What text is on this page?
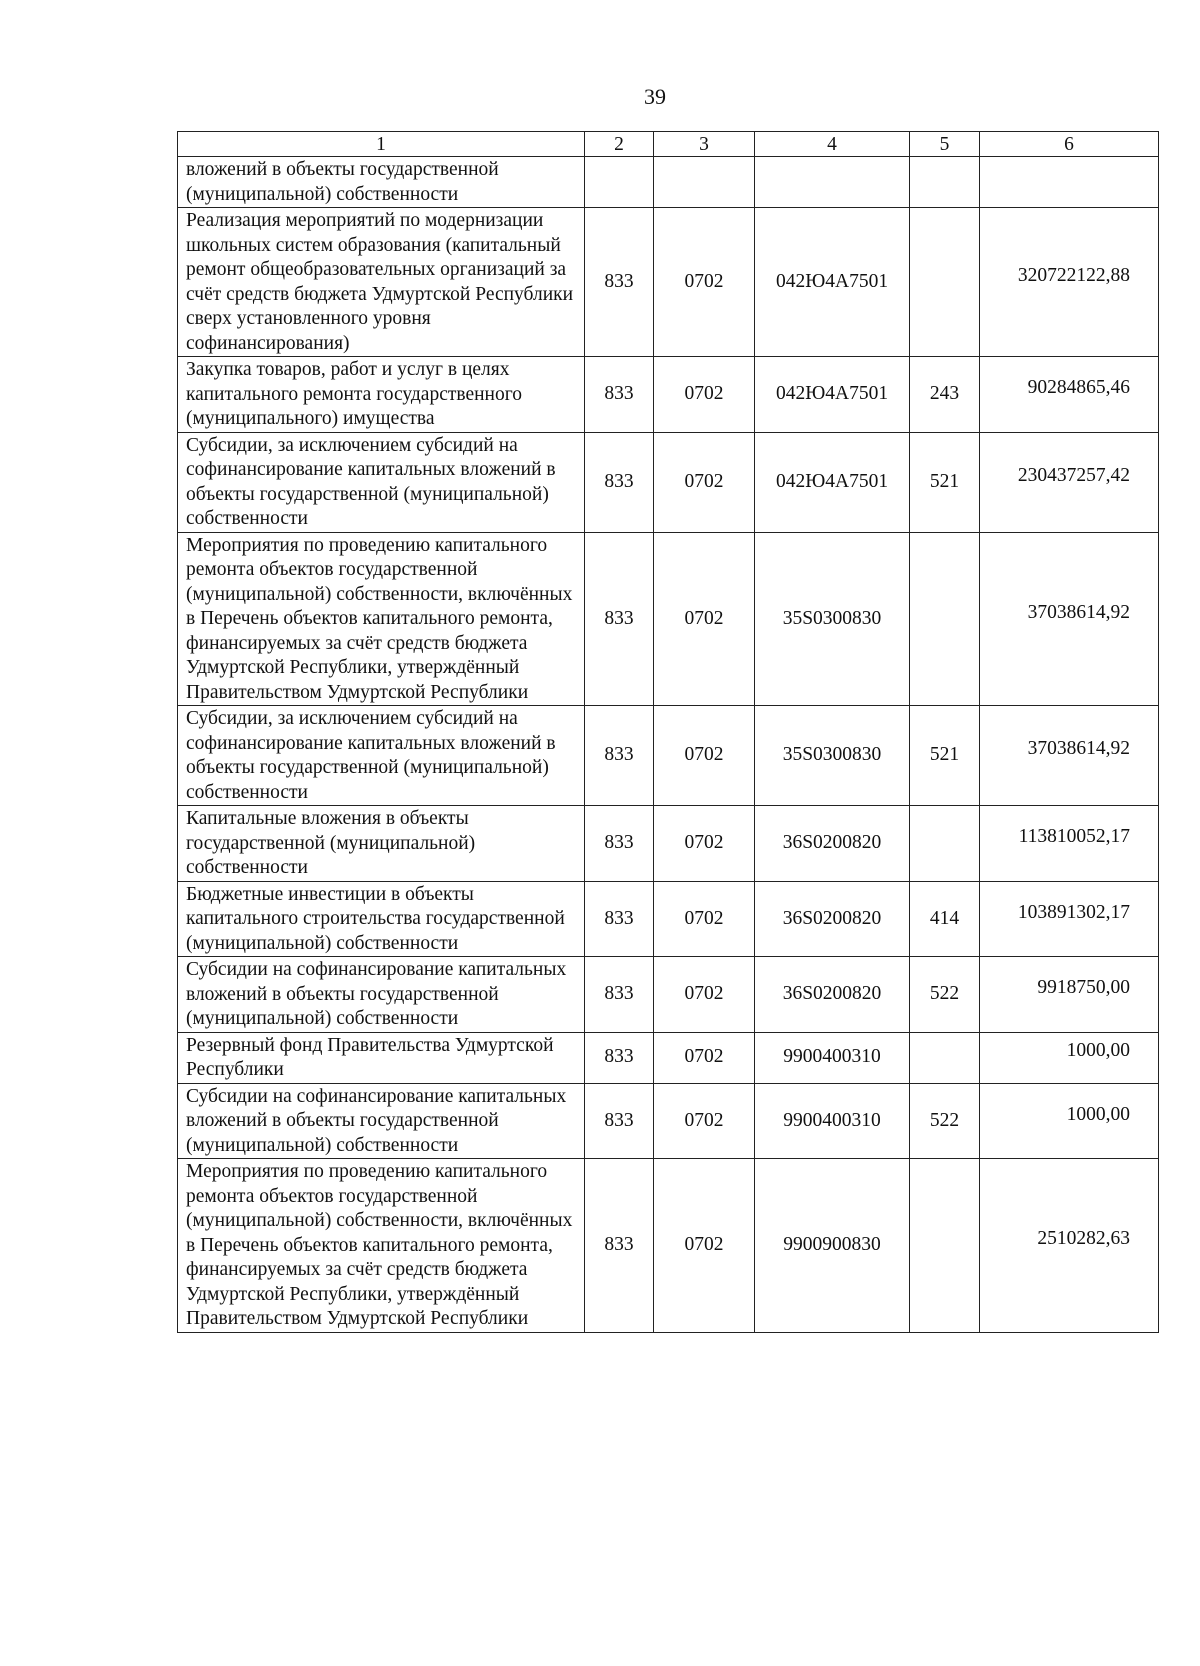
39
1	2	3	4	5	6
вложений в объекты государственной (муниципальной) собственности					
Реализация мероприятий по модернизации школьных систем образования (капитальный ремонт общеобразовательных организаций за счёт средств бюджета Удмуртской Республики сверх установленного уровня софинансирования)	833	0702	042Ю4А7501		320722122,88
Закупка товаров, работ и услуг в целях капитального ремонта государственного (муниципального) имущества	833	0702	042Ю4А7501	243	90284865,46
Субсидии, за исключением субсидий на софинансирование капитальных вложений в объекты государственной (муниципальной) собственности	833	0702	042Ю4А7501	521	230437257,42
Мероприятия по проведению капитального ремонта объектов государственной (муниципальной) собственности, включённых в Перечень объектов капитального ремонта, финансируемых за счёт средств бюджета Удмуртской Республики, утверждённый Правительством Удмуртской Республики	833	0702	35S0300830		37038614,92
Субсидии, за исключением субсидий на софинансирование капитальных вложений в объекты государственной (муниципальной) собственности	833	0702	35S0300830	521	37038614,92
Капитальные вложения в объекты государственной (муниципальной) собственности	833	0702	36S0200820		113810052,17
Бюджетные инвестиции в объекты капитального строительства государственной (муниципальной) собственности	833	0702	36S0200820	414	103891302,17
Субсидии на софинансирование капитальных вложений в объекты государственной (муниципальной) собственности	833	0702	36S0200820	522	9918750,00
Резервный фонд Правительства Удмуртской Республики	833	0702	9900400310		1000,00
Субсидии на софинансирование капитальных вложений в объекты государственной (муниципальной) собственности	833	0702	9900400310	522	1000,00
Мероприятия по проведению капитального ремонта объектов государственной (муниципальной) собственности, включённых в Перечень объектов капитального ремонта, финансируемых за счёт средств бюджета Удмуртской Республики, утверждённый Правительством Удмуртской Республики	833	0702	9900900830		2510282,63
